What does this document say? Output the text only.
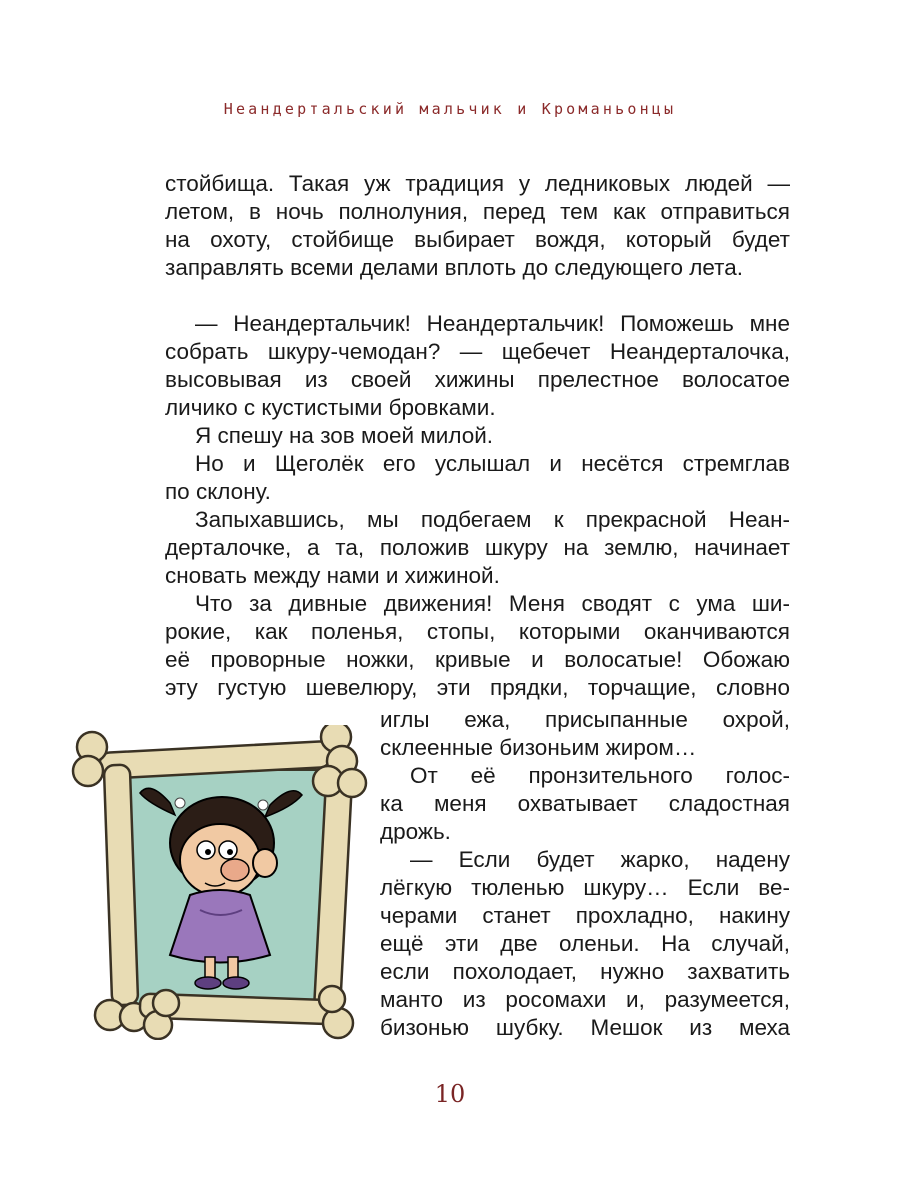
Неандертальский мальчик и Кроманьонцы
стойбища. Такая уж традиция у ледниковых людей —
летом, в ночь полнолуния, перед тем как отправиться
на охоту, стойбище выбирает вождя, который будет
заправлять всеми делами вплоть до следующего лета.
— Неандертальчик! Неандертальчик! Поможешь мне
собрать шкуру-чемодан? — щебечет Неандерталочка,
высовывая из своей хижины прелестное волосатое
личико с кустистыми бровками.
Я спешу на зов моей милой.
Но и Щеголёк его услышал и несётся стремглав
по склону.
Запыхавшись, мы подбегаем к прекрасной Неан-
дерталочке, а та, положив шкуру на землю, начинает
сновать между нами и хижиной.
Что за дивные движения! Меня сводят с ума ши-
рокие, как поленья, стопы, которыми оканчиваются
её проворные ножки, кривые и волосатые! Обожаю
эту густую шевелюру, эти прядки, торчащие, словно
иглы ежа, присыпанные охрой,
склеенные бизоньим жиром…
От её пронзительного голос-
ка меня охватывает сладостная
дрожь.
— Если будет жарко, надену
лёгкую тюленью шкуру… Если ве-
черами станет прохладно, накину
ещё эти две оленьи. На случай,
если похолодает, нужно захватить
манто из росомахи и, разумеется,
бизонью шубку. Мешок из меха
10
